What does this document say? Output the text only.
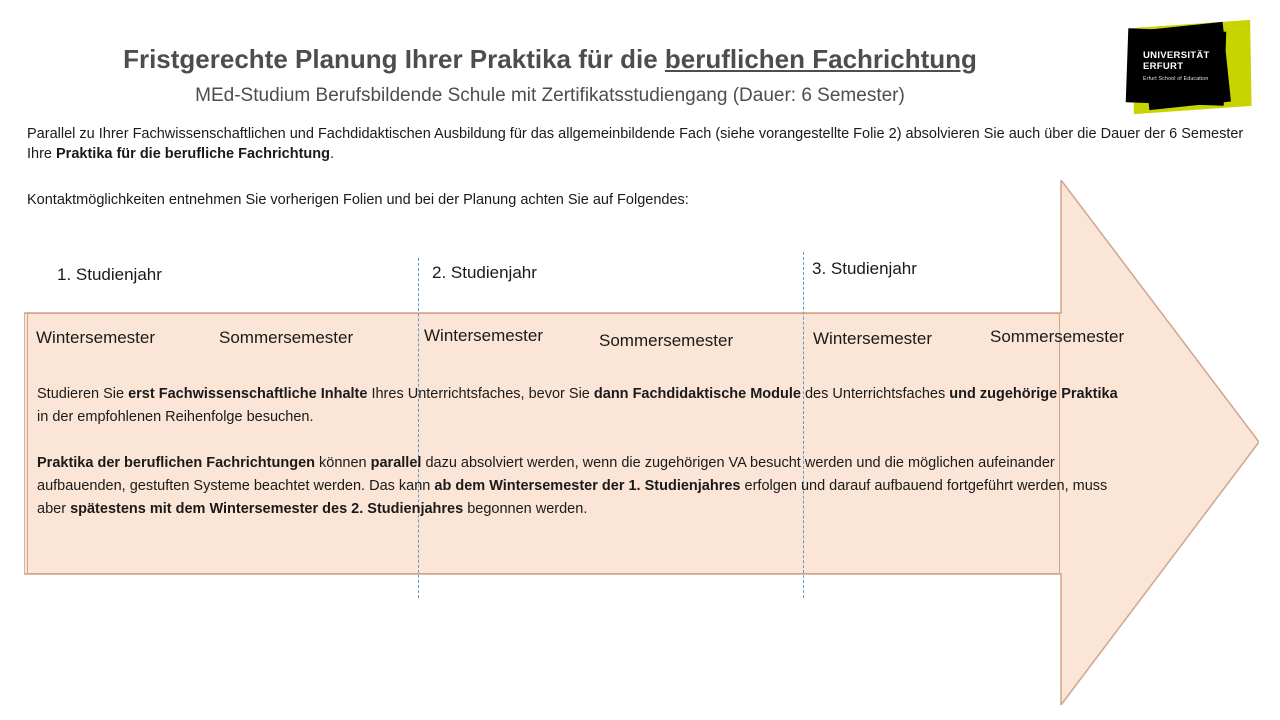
UNIVERSITÄT
ERFURT
Erfurt School of Education
Fristgerechte Planung Ihrer Praktika für die beruflichen Fachrichtung
MEd-Studium Berufsbildende Schule mit Zertifikatsstudiengang (Dauer: 6 Semester)
Parallel zu Ihrer Fachwissenschaftlichen und Fachdidaktischen Ausbildung für das allgemeinbildende Fach (siehe vorangestellte Folie 2) absolvieren Sie auch über die Dauer der 6 Semester Ihre Praktika für die berufliche Fachrichtung.
Kontaktmöglichkeiten entnehmen Sie vorherigen Folien und bei der Planung achten Sie auf Folgendes:
1. Studienjahr	2. Studienjahr	3. Studienjahr
Wintersemester	Sommersemester	Wintersemester	Sommersemester	Wintersemester	Sommersemester

Studieren Sie erst Fachwissenschaftliche Inhalte Ihres Unterrichtsfaches, bevor Sie dann Fachdidaktische Module des Unterrichtsfaches und zugehörige Praktika in der empfohlenen Reihenfolge besuchen.

Praktika der beruflichen Fachrichtungen können parallel dazu absolviert werden, wenn die zugehörigen VA besucht werden und die möglichen aufeinander aufbauenden, gestuften Systeme beachtet werden. Das kann ab dem Wintersemester der 1. Studienjahres erfolgen und darauf aufbauend fortgeführt werden, muss aber spätestens mit dem Wintersemester des 2. Studienjahres begonnen werden.
